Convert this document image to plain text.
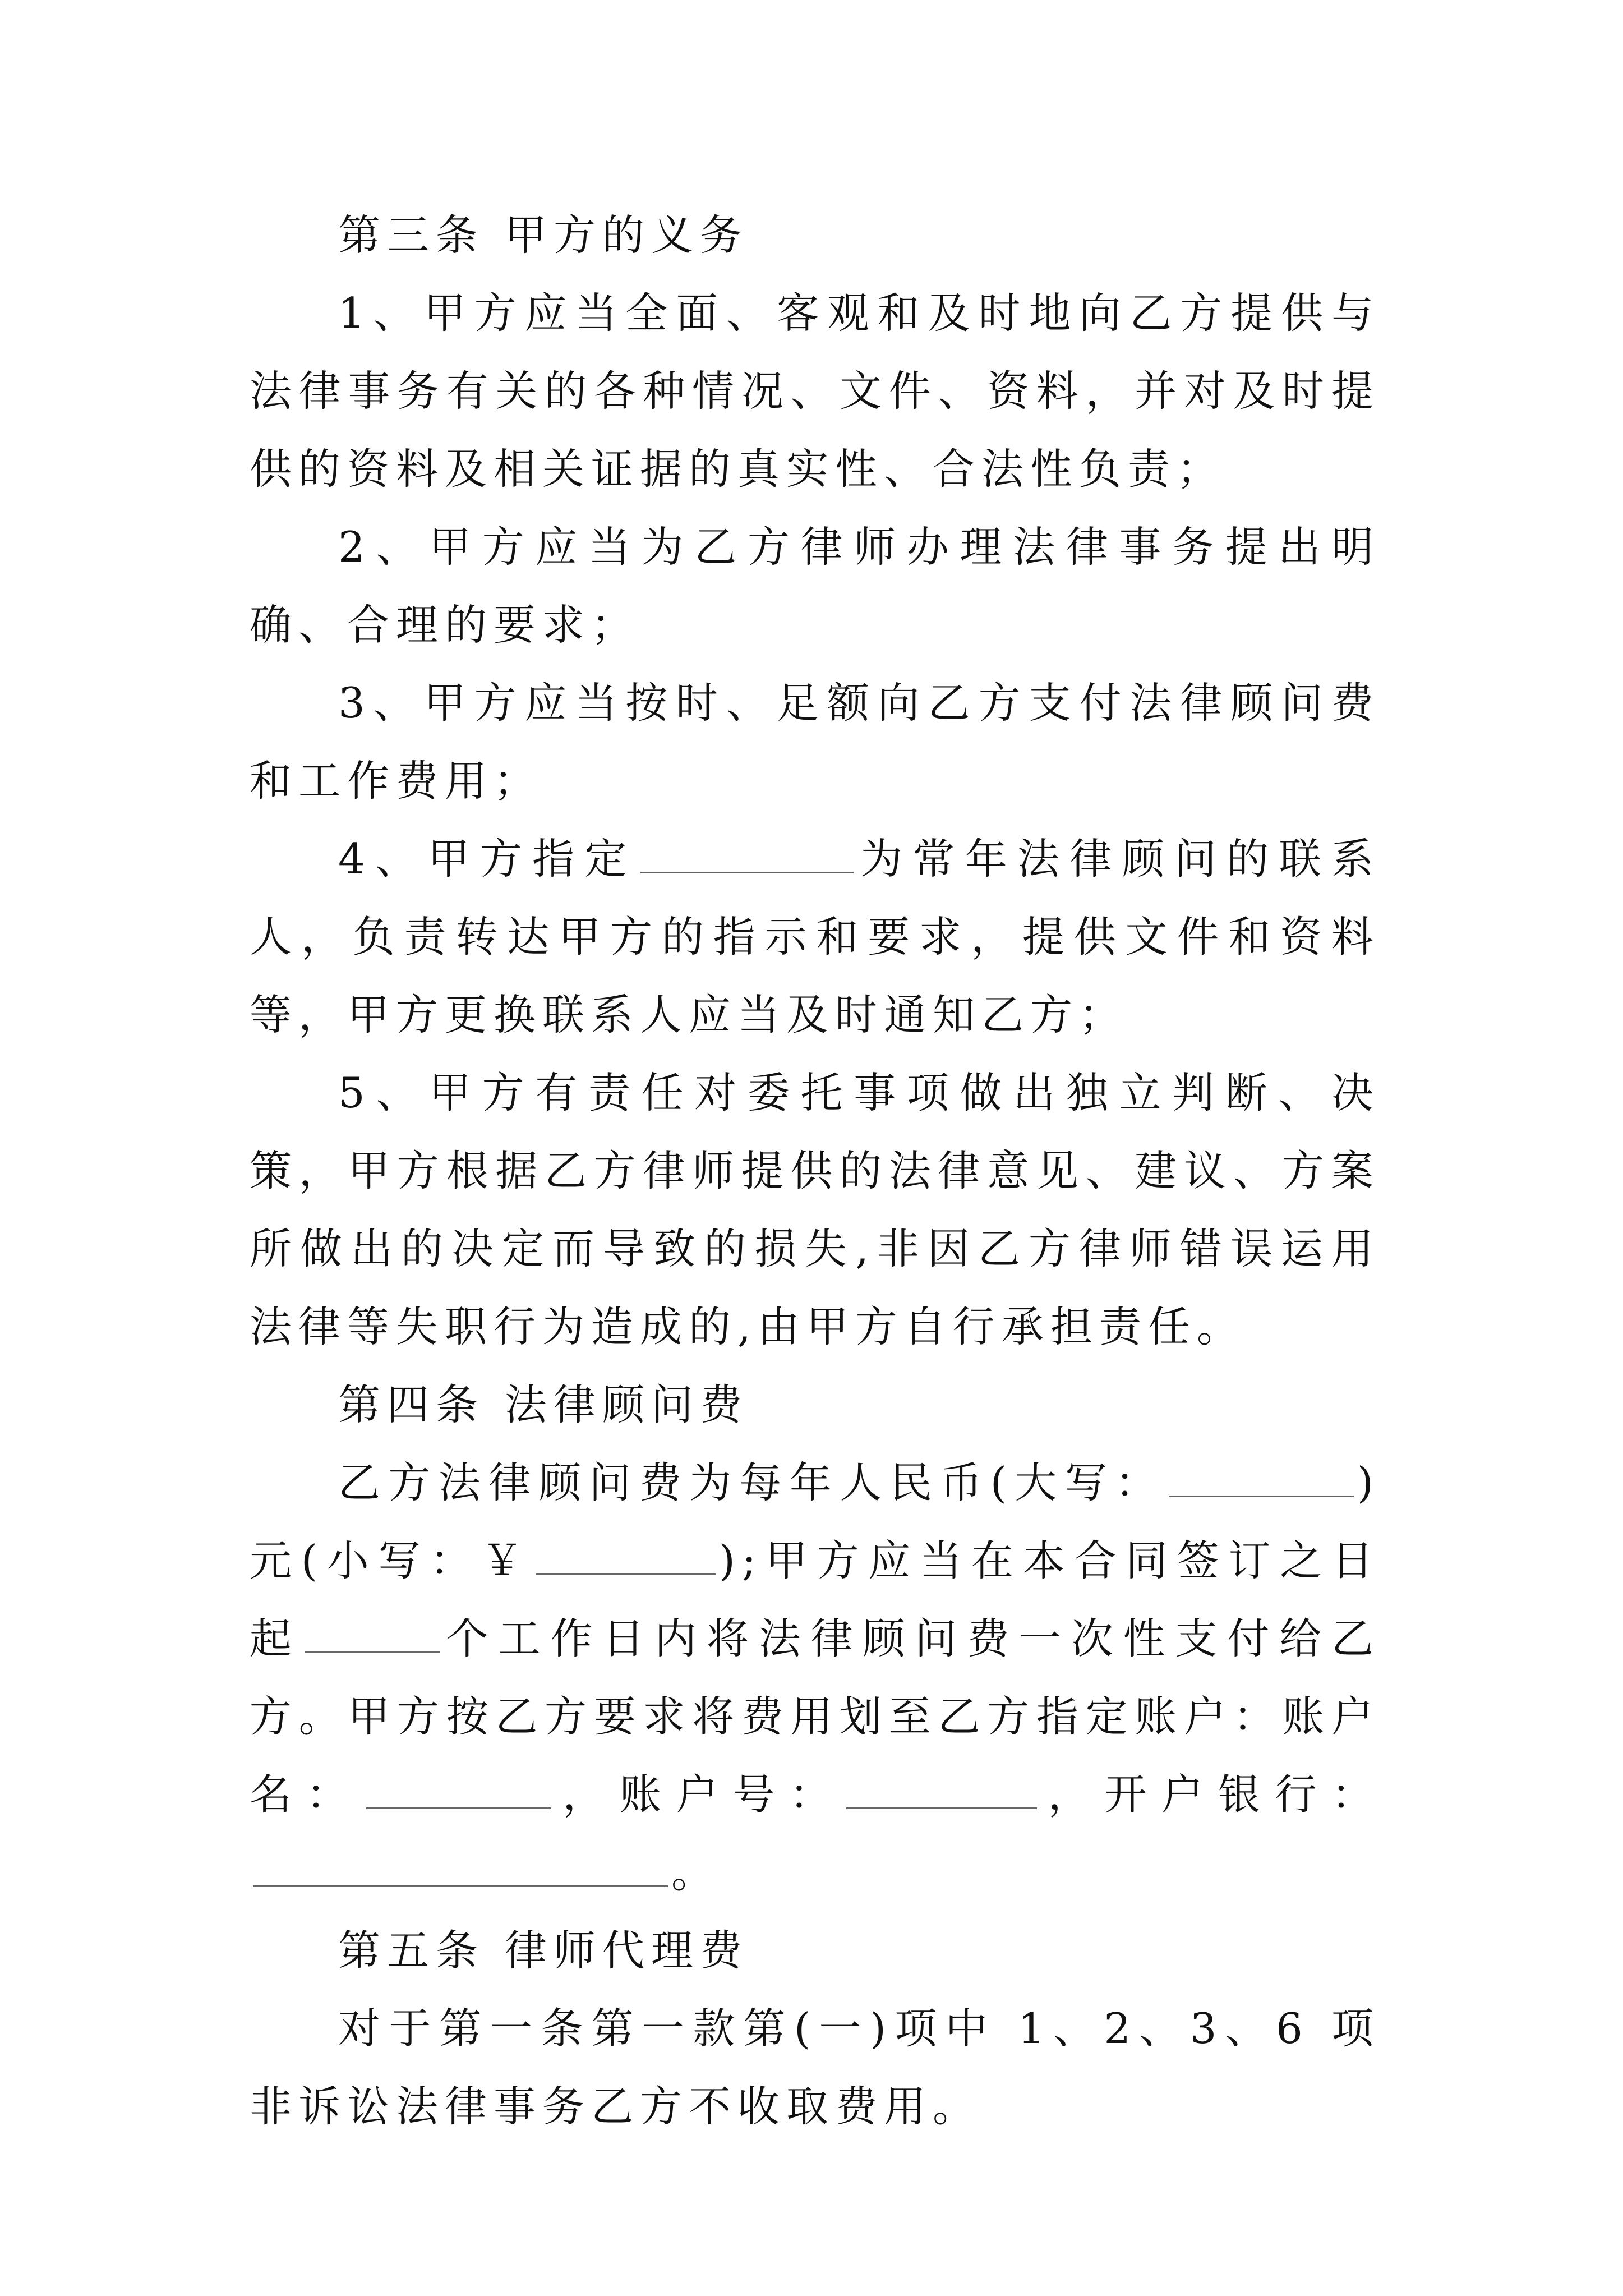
第三条 甲方的义务

1、甲方应当全面、客观和及时地向乙方提供与法律事务有关的各种情况、文件、资料，并对及时提供的资料及相关证据的真实性、合法性负责；

2、甲方应当为乙方律师办理法律事务提出明确、合理的要求；

3、甲方应当按时、足额向乙方支付法律顾问费和工作费用；

4、甲方指定	为常年法律顾问的联系人，负责转达甲方的指示和要求，提供文件和资料等，甲方更换联系人应当及时通知乙方；

5、甲方有责任对委托事项做出独立判断、决策，甲方根据乙方律师提供的法律意见、建议、方案所做出的决定而导致的损失,非因乙方律师错误运用法律等失职行为造成的,由甲方自行承担责任。

第四条 法律顾问费

乙方法律顾问费为每年人民币(大写：	)元(小写：￥	);甲方应当在本合同签订之日起	个工作日内将法律顾问费一次性支付给乙方。甲方按乙方要求将费用划至乙方指定账户：账户名：	，账户号：	，开户银行：。

第五条 律师代理费

对于第一条第一款第(一)项中 1、2、3、6 项非诉讼法律事务乙方不收取费用。
